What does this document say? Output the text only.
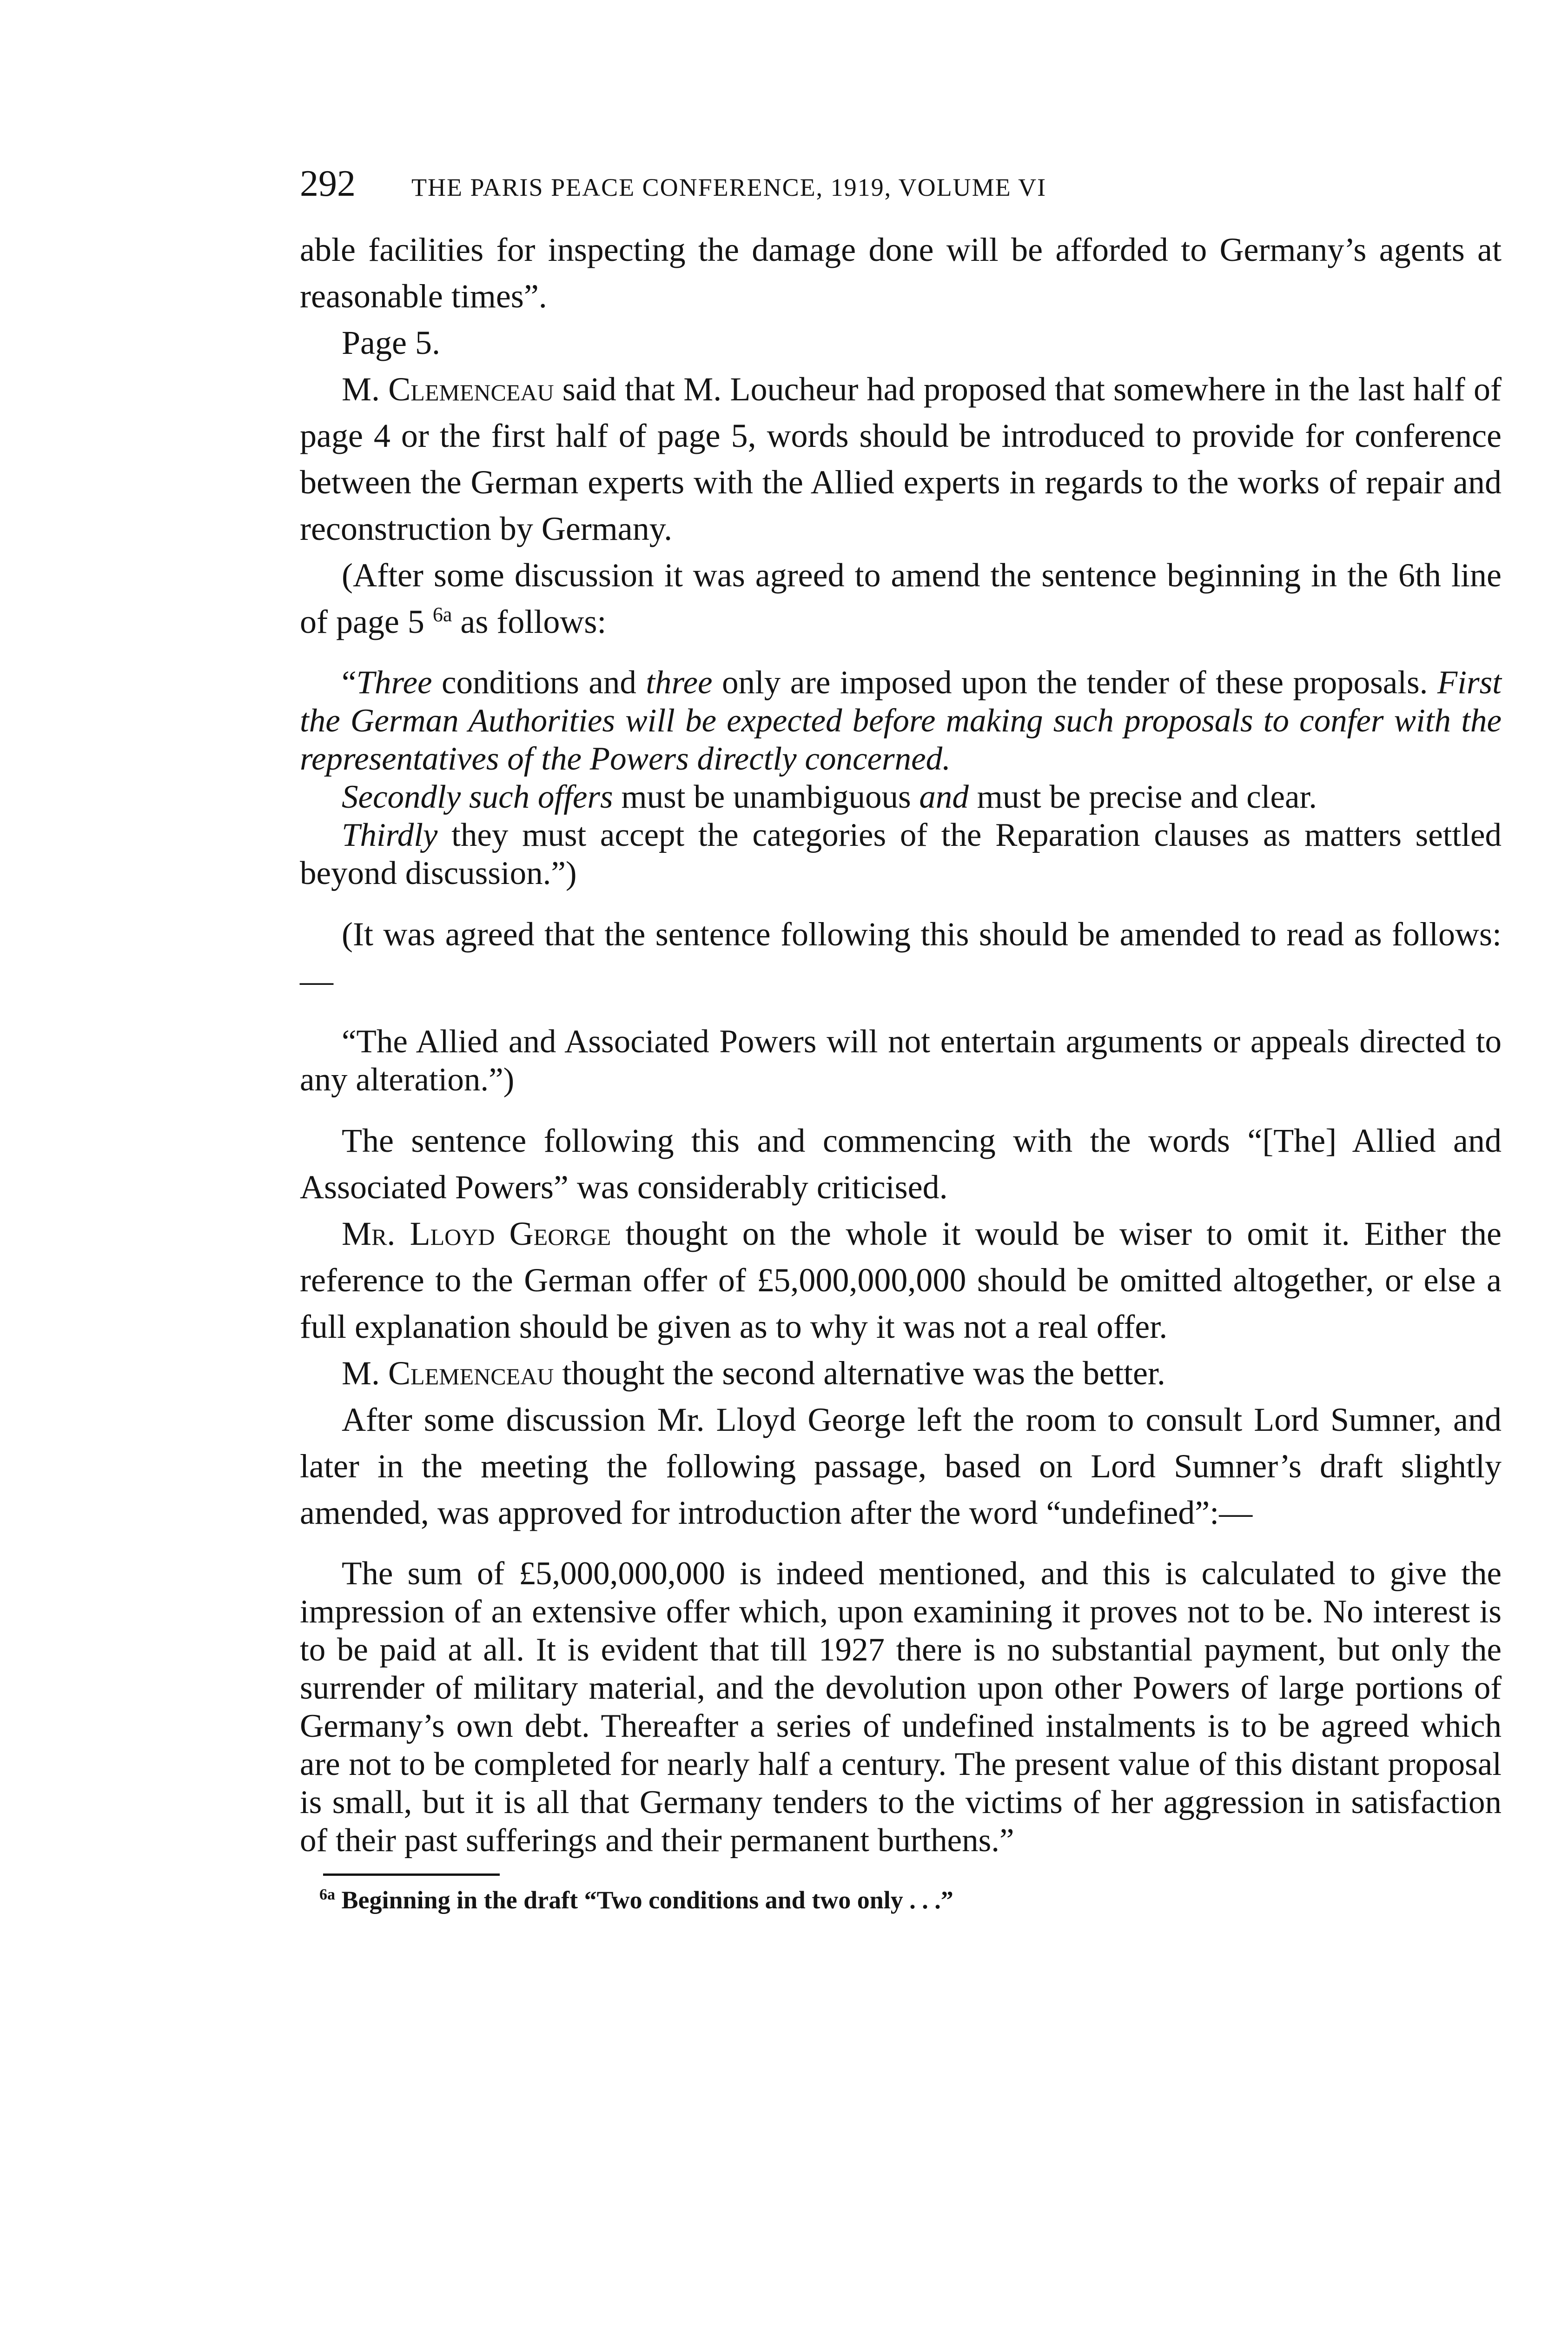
292 THE PARIS PEACE CONFERENCE, 1919, VOLUME VI

able facilities for inspecting the damage done will be afforded to Germany’s agents at reasonable times”.

Page 5.

M. Clemenceau said that M. Loucheur had proposed that somewhere in the last half of page 4 or the first half of page 5, words should be introduced to provide for conference between the German experts with the Allied experts in regards to the works of repair and reconstruction by Germany.

(After some discussion it was agreed to amend the sentence beginning in the 6th line of page 5 $^{6a}$ as follows:

“Three conditions and three only are imposed upon the tender of these proposals. First the German Authorities will be expected before making such proposals to confer with the representatives of the Powers directly concerned.

Secondly such offers must be unambiguous and must be precise and clear.

Thirdly they must accept the categories of the Reparation clauses as matters settled beyond discussion.”)

(It was agreed that the sentence following this should be amended to read as follows:—

“The Allied and Associated Powers will not entertain arguments or appeals directed to any alteration.”)

The sentence following this and commencing with the words “[The] Allied and Associated Powers” was considerably criticised.

Mr. Lloyd George thought on the whole it would be wiser to omit it. Either the reference to the German offer of £5,000,000,000 should be omitted altogether, or else a full explanation should be given as to why it was not a real offer.

M. Clemenceau thought the second alternative was the better.

After some discussion Mr. Lloyd George left the room to consult Lord Sumner, and later in the meeting the following passage, based on Lord Sumner’s draft slightly amended, was approved for introduction after the word “undefined”:—

The sum of £5,000,000,000 is indeed mentioned, and this is calculated to give the impression of an extensive offer which, upon examining it proves not to be. No interest is to be paid at all. It is evident that till 1927 there is no substantial payment, but only the surrender of military material, and the devolution upon other Powers of large portions of Germany’s own debt. Thereafter a series of undefined instalments is to be agreed which are not to be completed for nearly half a century. The present value of this distant proposal is small, but it is all that Germany tenders to the victims of her aggression in satisfaction of their past sufferings and their permanent burthens.”

$^{6a}$ Beginning in the draft “Two conditions and two only . . .”
